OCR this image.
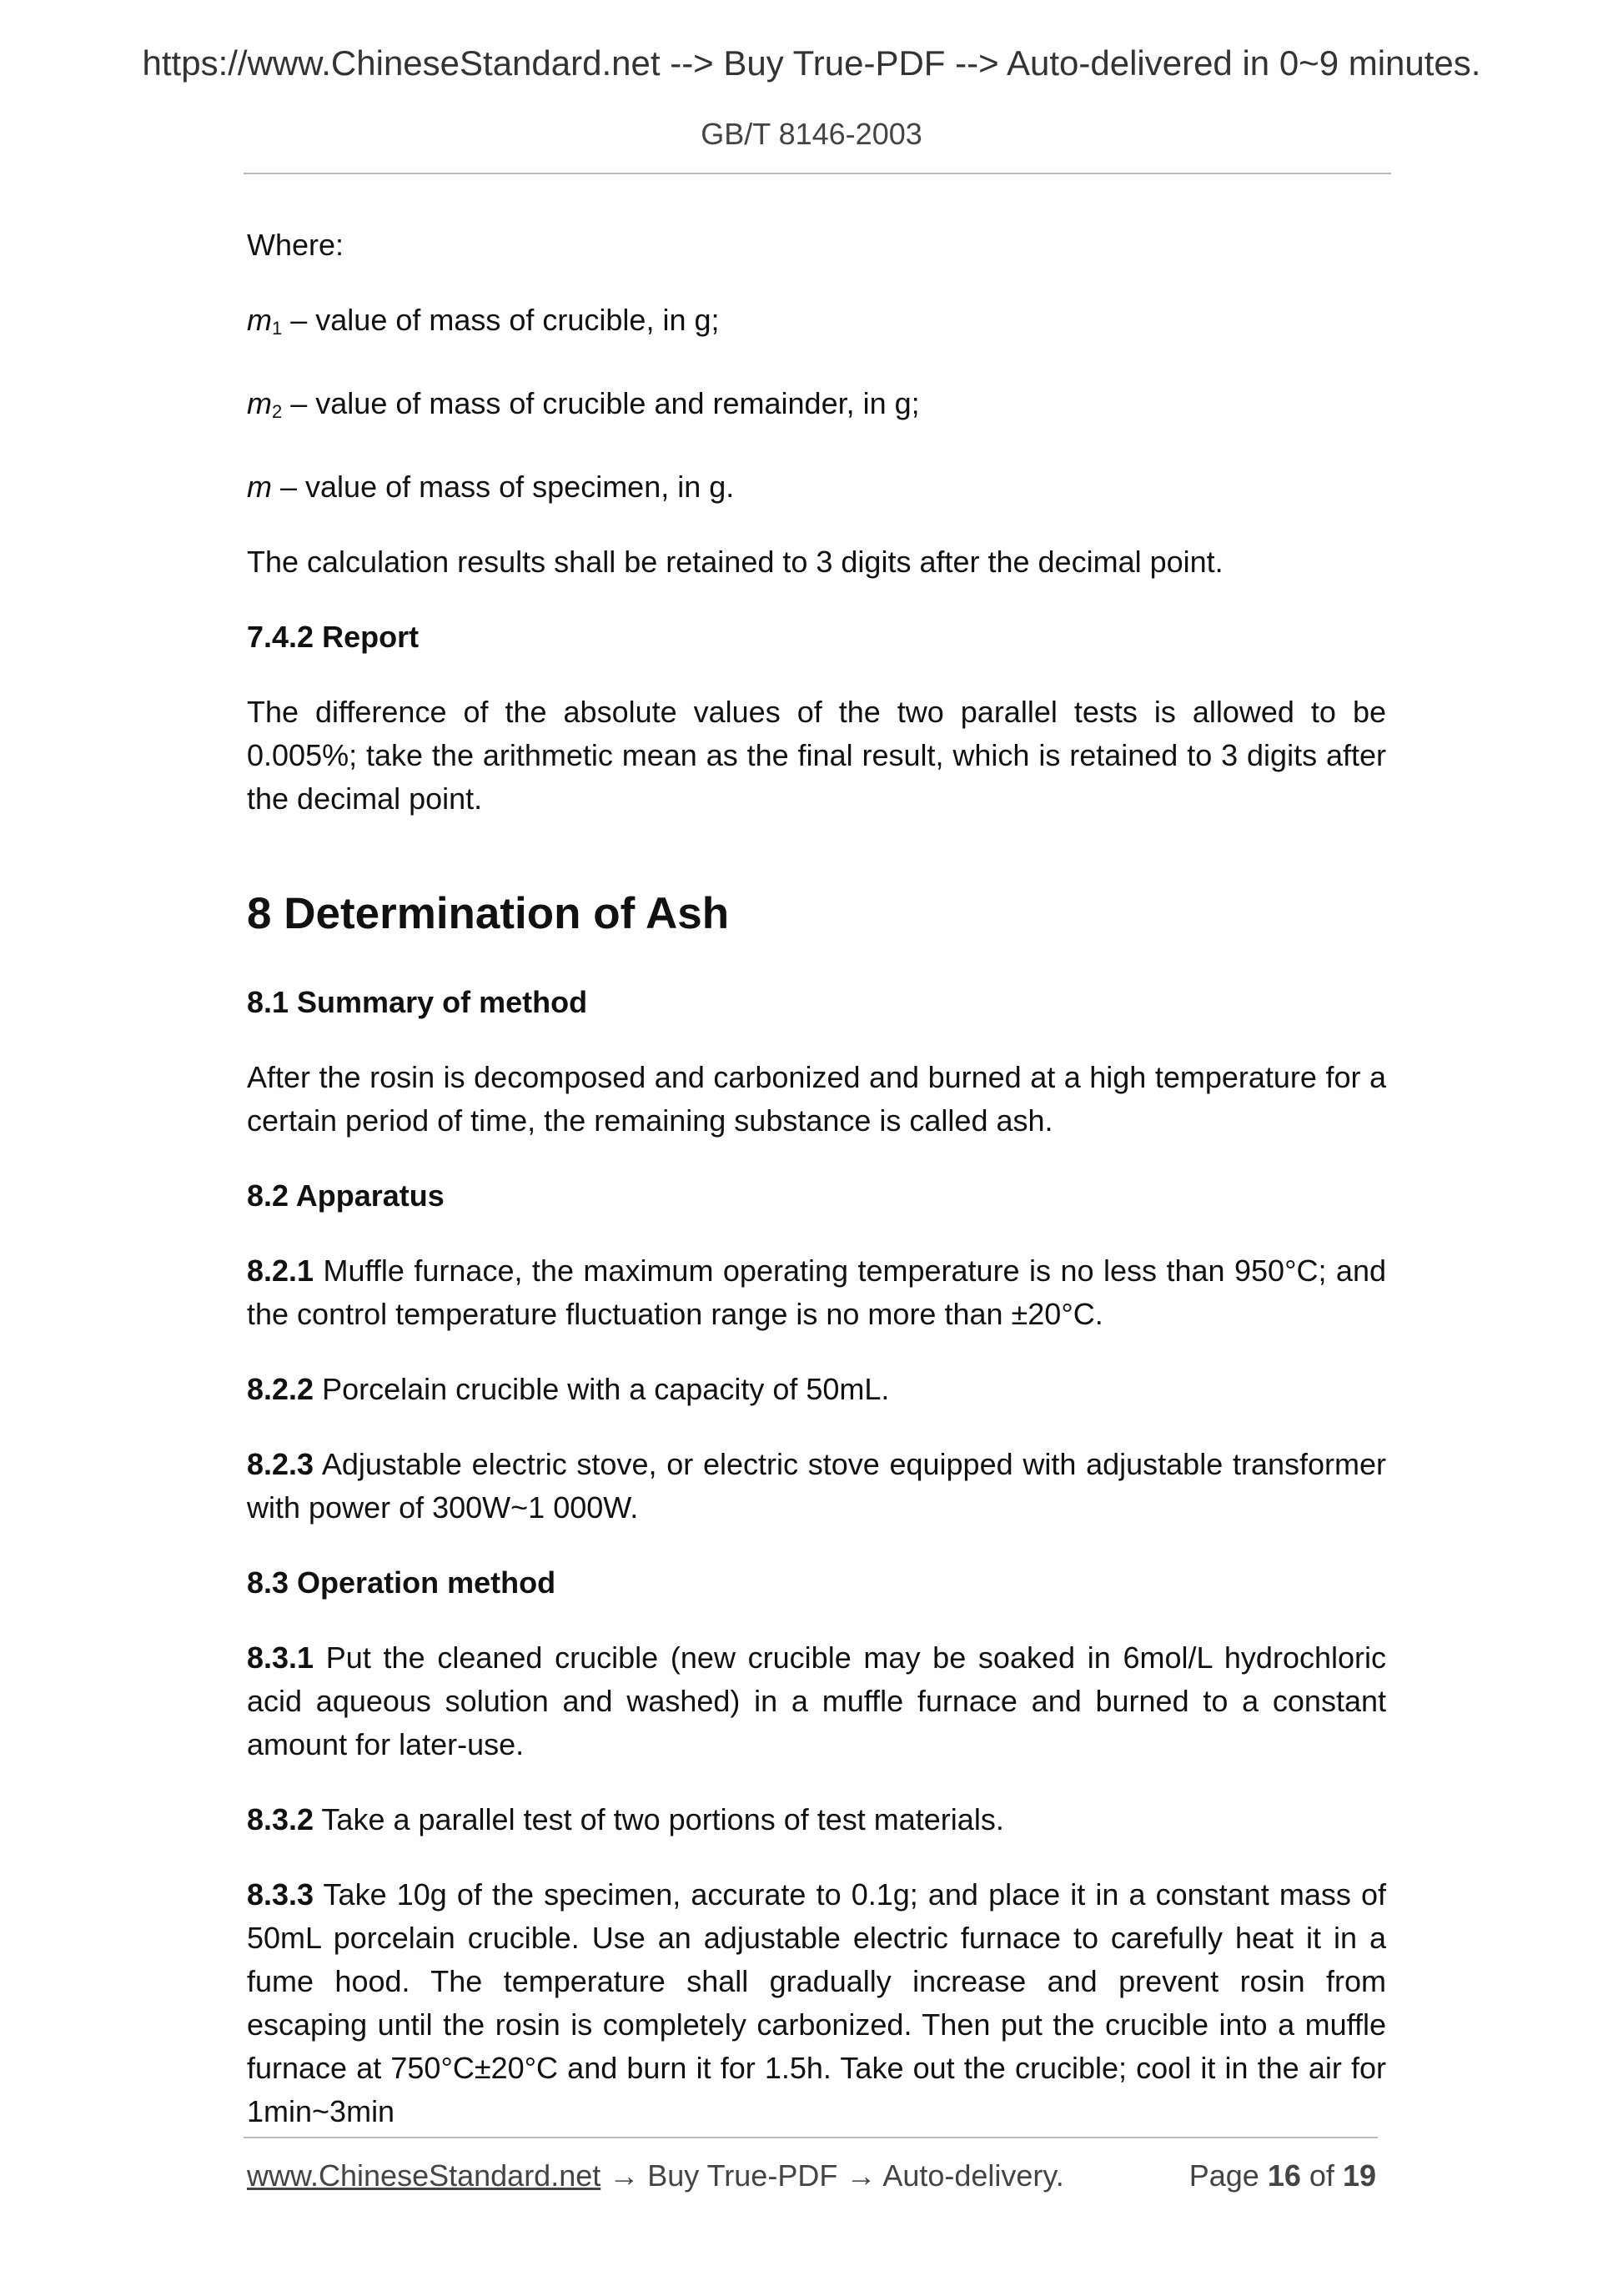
https://www.ChineseStandard.net --> Buy True-PDF --> Auto-delivered in 0~9 minutes.
GB/T 8146-2003

Where:

$m_1$ – value of mass of crucible, in g;

$m_2$ – value of mass of crucible and remainder, in g;

m – value of mass of specimen, in g.

The calculation results shall be retained to 3 digits after the decimal point.

7.4.2 Report

The difference of the absolute values of the two parallel tests is allowed to be 0.005%; take the arithmetic mean as the final result, which is retained to 3 digits after the decimal point.

8 Determination of Ash

8.1 Summary of method

After the rosin is decomposed and carbonized and burned at a high temperature for a certain period of time, the remaining substance is called ash.

8.2 Apparatus

8.2.1 Muffle furnace, the maximum operating temperature is no less than 950°C; and the control temperature fluctuation range is no more than ±20°C.

8.2.2 Porcelain crucible with a capacity of 50mL.

8.2.3 Adjustable electric stove, or electric stove equipped with adjustable transformer with power of 300W~1 000W.

8.3 Operation method

8.3.1 Put the cleaned crucible (new crucible may be soaked in 6mol/L hydrochloric acid aqueous solution and washed) in a muffle furnace and burned to a constant amount for later-use.

8.3.2 Take a parallel test of two portions of test materials.

8.3.3 Take 10g of the specimen, accurate to 0.1g; and place it in a constant mass of 50mL porcelain crucible. Use an adjustable electric furnace to carefully heat it in a fume hood. The temperature shall gradually increase and prevent rosin from escaping until the rosin is completely carbonized. Then put the crucible into a muffle furnace at 750°C±20°C and burn it for 1.5h. Take out the crucible; cool it in the air for 1min~3min

www.ChineseStandard.net → Buy True-PDF → Auto-delivery.	Page 16 of 19
